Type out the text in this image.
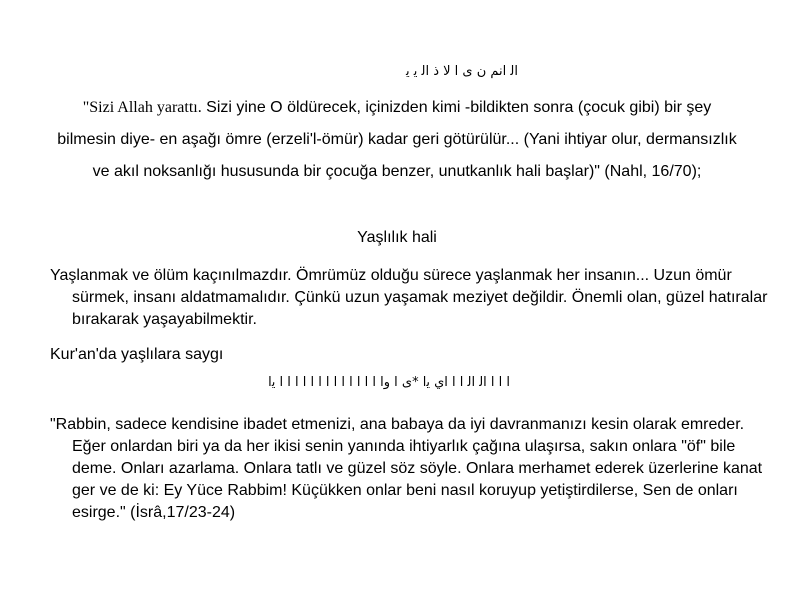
ﺍﻟ ﺍﻧﻢ ﻥ ﻯ ﺍ ﻻ ﺫ ﺍﻟ ﻳ ﻳ
"Sizi Allah yarattı. Sizi yine O öldürecek, içinizden kimi -bildikten sonra (çocuk gibi) bir şey bilmesin diye- en aşağı ömre (erzeli'l-ömür) kadar geri götürülür... (Yani ihtiyar olur, dermansızlık ve akıl noksanlığı hususunda bir çocuğa benzer, unutkanlık hali başlar)" (Nahl, 16/70);
Yaşlılık hali
Yaşlanmak ve ölüm kaçınılmazdır. Ömrümüz olduğu sürece yaşlanmak her insanın... Uzun ömür sürmek, insanı aldatmamalıdır. Çünkü uzun yaşamak meziyet değildir. Önemli olan, güzel hatıralar bırakarak yaşayabilmektir.
Kur'an'da yaşlılara saygı
ﺍ ﺍ ﺍ ﺍﻟ ﺍﻟ ﺍ ﺍ ﺍﻱ ﻳﺍ *ﻯ ﺍ ﻭﺍ ﺍ ﺍ ﺍ ﺍ ﺍ ﺍ ﺍ ﺍ ﺍ ﺍ ﺍ ﺍ ﺍ ﻳﺍ
"Rabbin, sadece kendisine ibadet etmenizi, ana babaya da iyi davranmanızı kesin olarak emreder. Eğer onlardan biri ya da her ikisi senin yanında ihtiyarlık çağına ulaşırsa, sakın onlara "öf" bile deme. Onları azarlama. Onlara tatlı ve güzel söz söyle. Onlara merhamet ederek üzerlerine kanat ger ve de ki: Ey Yüce Rabbim! Küçükken onlar beni nasıl koruyup yetiştirdilerse, Sen de onları esirge." (İsrâ,17/23-24)
